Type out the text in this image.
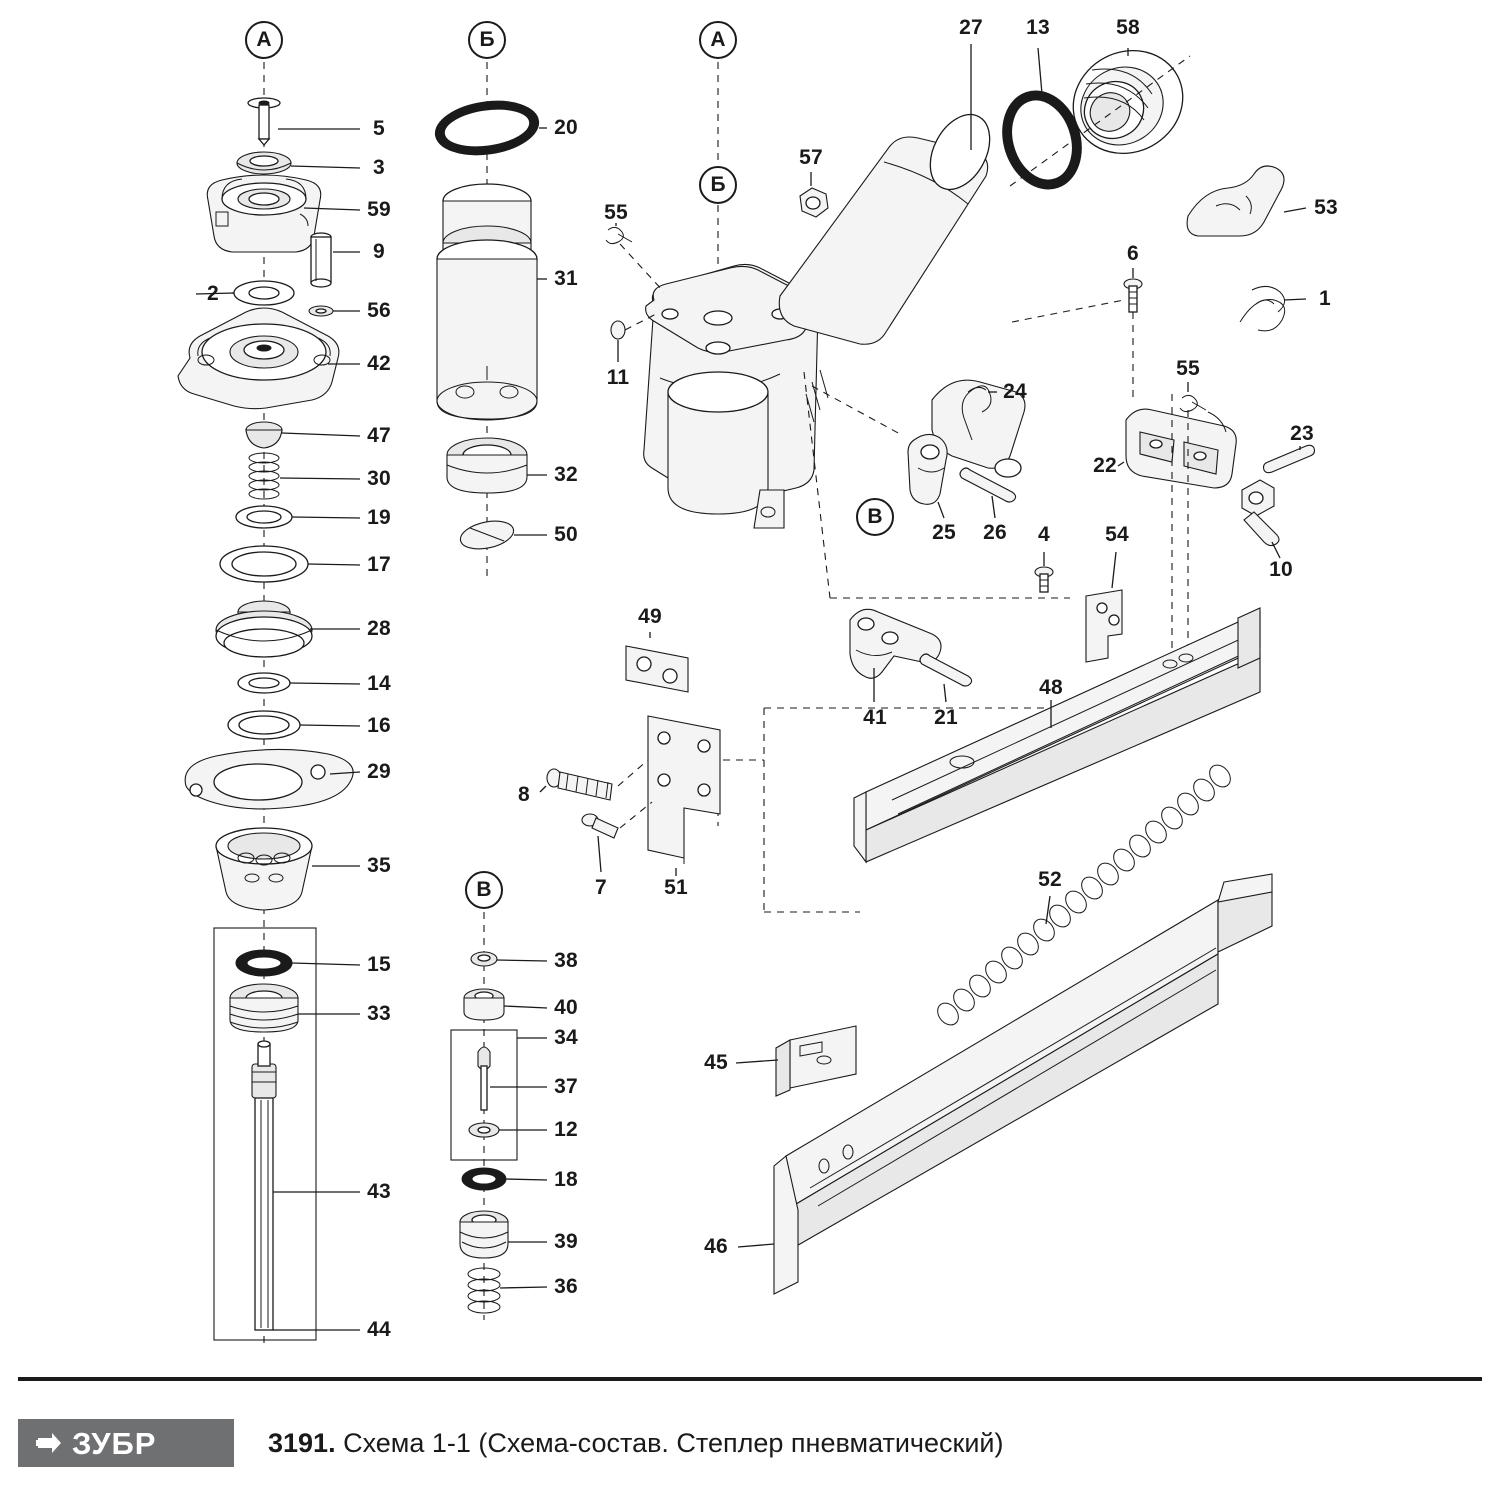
А	Б	А
Б
В
В
5
3
59
9
2
56
42
47
30
19
17
28
14
16
29
35
15
33
43
44
20
31
32
50
38
40
34
37
12
18
39
36
55
11
57
27 13	58
53
1
6
55
24
23
22
10
25 26 4	54
49
41 21
48
8
7	51	52
45
46
ЗУБР	3191. Схема 1-1 (Схема-состав. Степлер пневматический)
